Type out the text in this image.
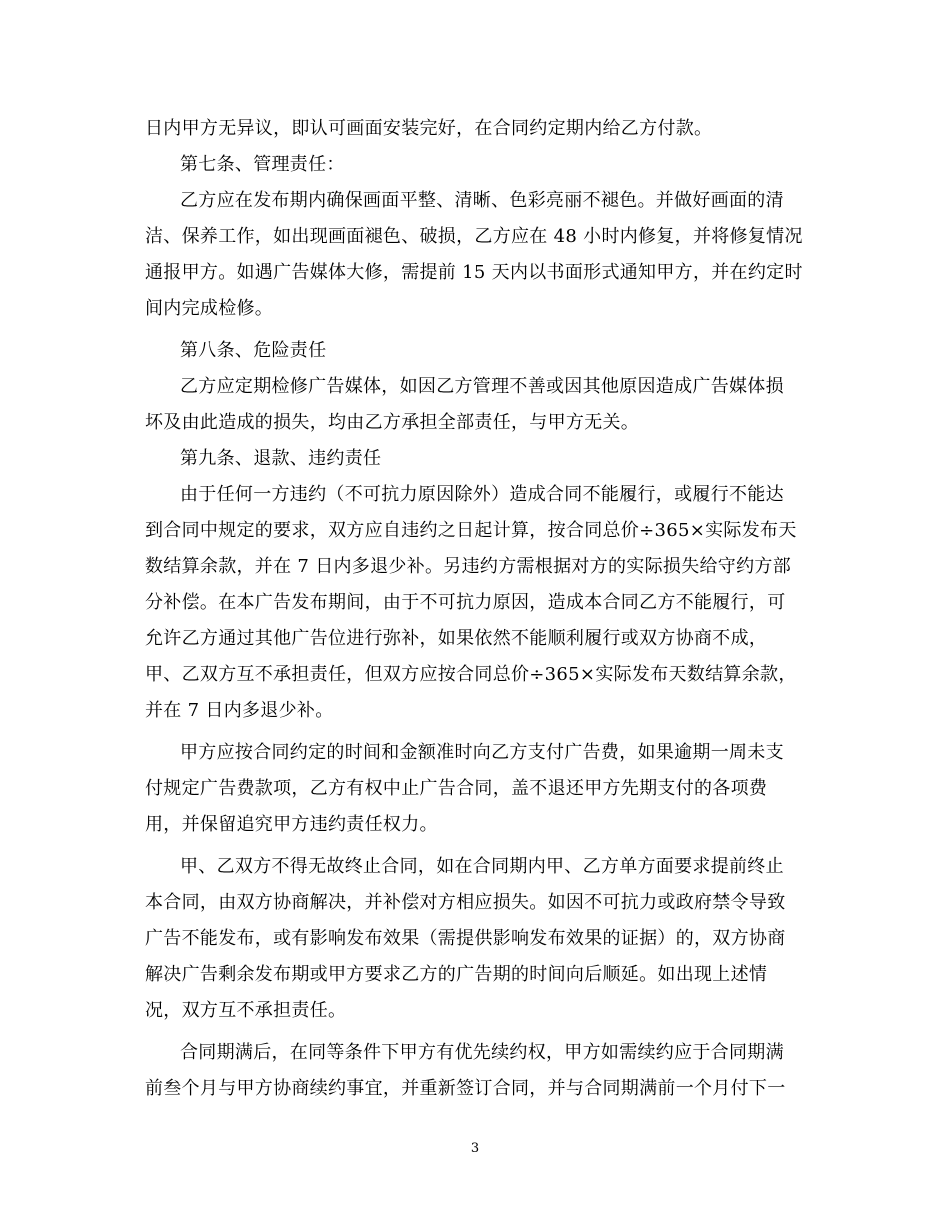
日内甲方无异议，即认可画面安装完好，在合同约定期内给乙方付款。
第七条、管理责任：
乙方应在发布期内确保画面平整、清晰、色彩亮丽不褪色。并做好画面的清
洁、保养工作，如出现画面褪色、破损，乙方应在 48 小时内修复，并将修复情况
通报甲方。如遇广告媒体大修，需提前 15 天内以书面形式通知甲方，并在约定时
间内完成检修。
第八条、危险责任
乙方应定期检修广告媒体，如因乙方管理不善或因其他原因造成广告媒体损
坏及由此造成的损失，均由乙方承担全部责任，与甲方无关。
第九条、退款、违约责任
由于任何一方违约（不可抗力原因除外）造成合同不能履行，或履行不能达
到合同中规定的要求，双方应自违约之日起计算，按合同总价÷365×实际发布天
数结算余款，并在 7 日内多退少补。另违约方需根据对方的实际损失给守约方部
分补偿。在本广告发布期间，由于不可抗力原因，造成本合同乙方不能履行，可
允许乙方通过其他广告位进行弥补，如果依然不能顺利履行或双方协商不成，
甲、乙双方互不承担责任，但双方应按合同总价÷365×实际发布天数结算余款，
并在 7 日内多退少补。
甲方应按合同约定的时间和金额准时向乙方支付广告费，如果逾期一周未支
付规定广告费款项，乙方有权中止广告合同，盖不退还甲方先期支付的各项费
用，并保留追究甲方违约责任权力。
甲、乙双方不得无故终止合同，如在合同期内甲、乙方单方面要求提前终止
本合同，由双方协商解决，并补偿对方相应损失。如因不可抗力或政府禁令导致
广告不能发布，或有影响发布效果（需提供影响发布效果的证据）的，双方协商
解决广告剩余发布期或甲方要求乙方的广告期的时间向后顺延。如出现上述情
况，双方互不承担责任。
合同期满后，在同等条件下甲方有优先续约权，甲方如需续约应于合同期满
前叁个月与甲方协商续约事宜，并重新签订合同，并与合同期满前一个月付下一
3
